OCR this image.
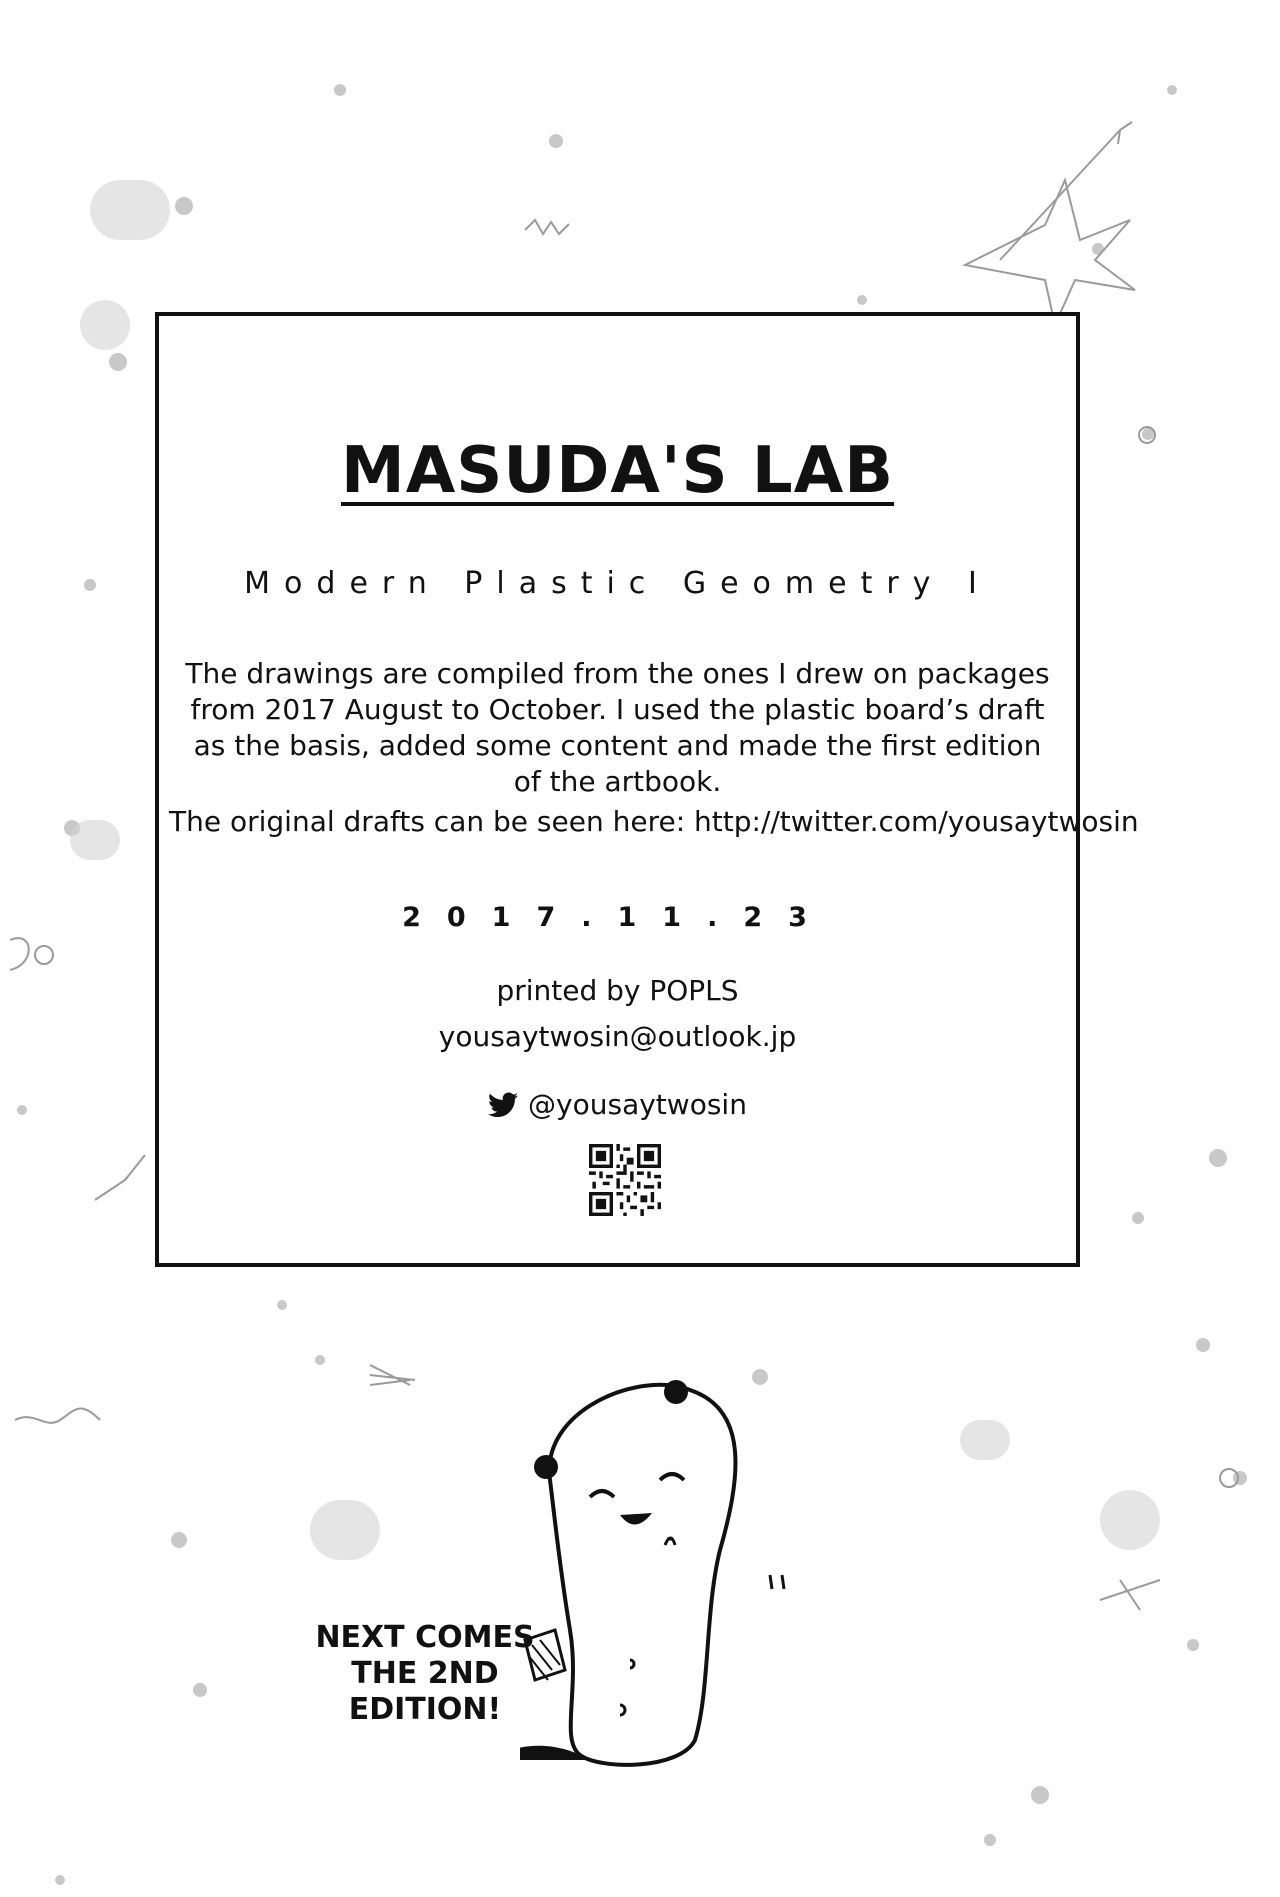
MASUDA'S LAB
Modern Plastic Geometry I
The drawings are compiled from the ones I drew on packages from 2017 August to October. I used the plastic board’s draft as the basis, added some content and made the first edition of the artbook.
The original drafts can be seen here: http://twitter.com/yousaytwosin
2017.11.23
printed by POPLS
yousaytwosin@outlook.jp
@yousaytwosin
NEXT COMES
THE 2ND
EDITION!
